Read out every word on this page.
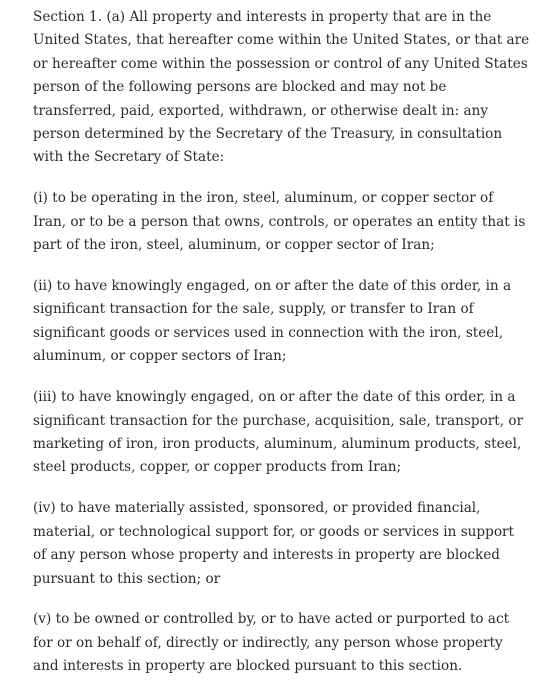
Section 1. (a) All property and interests in property that are in the United States, that hereafter come within the United States, or that are or hereafter come within the possession or control of any United States person of the following persons are blocked and may not be transferred, paid, exported, withdrawn, or otherwise dealt in: any person determined by the Secretary of the Treasury, in consultation with the Secretary of State:

(i) to be operating in the iron, steel, aluminum, or copper sector of Iran, or to be a person that owns, controls, or operates an entity that is part of the iron, steel, aluminum, or copper sector of Iran;

(ii) to have knowingly engaged, on or after the date of this order, in a significant transaction for the sale, supply, or transfer to Iran of significant goods or services used in connection with the iron, steel, aluminum, or copper sectors of Iran;

(iii) to have knowingly engaged, on or after the date of this order, in a significant transaction for the purchase, acquisition, sale, transport, or marketing of iron, iron products, aluminum, aluminum products, steel, steel products, copper, or copper products from Iran;

(iv) to have materially assisted, sponsored, or provided financial, material, or technological support for, or goods or services in support of any person whose property and interests in property are blocked pursuant to this section; or

(v) to be owned or controlled by, or to have acted or purported to act for or on behalf of, directly or indirectly, any person whose property and interests in property are blocked pursuant to this section.
